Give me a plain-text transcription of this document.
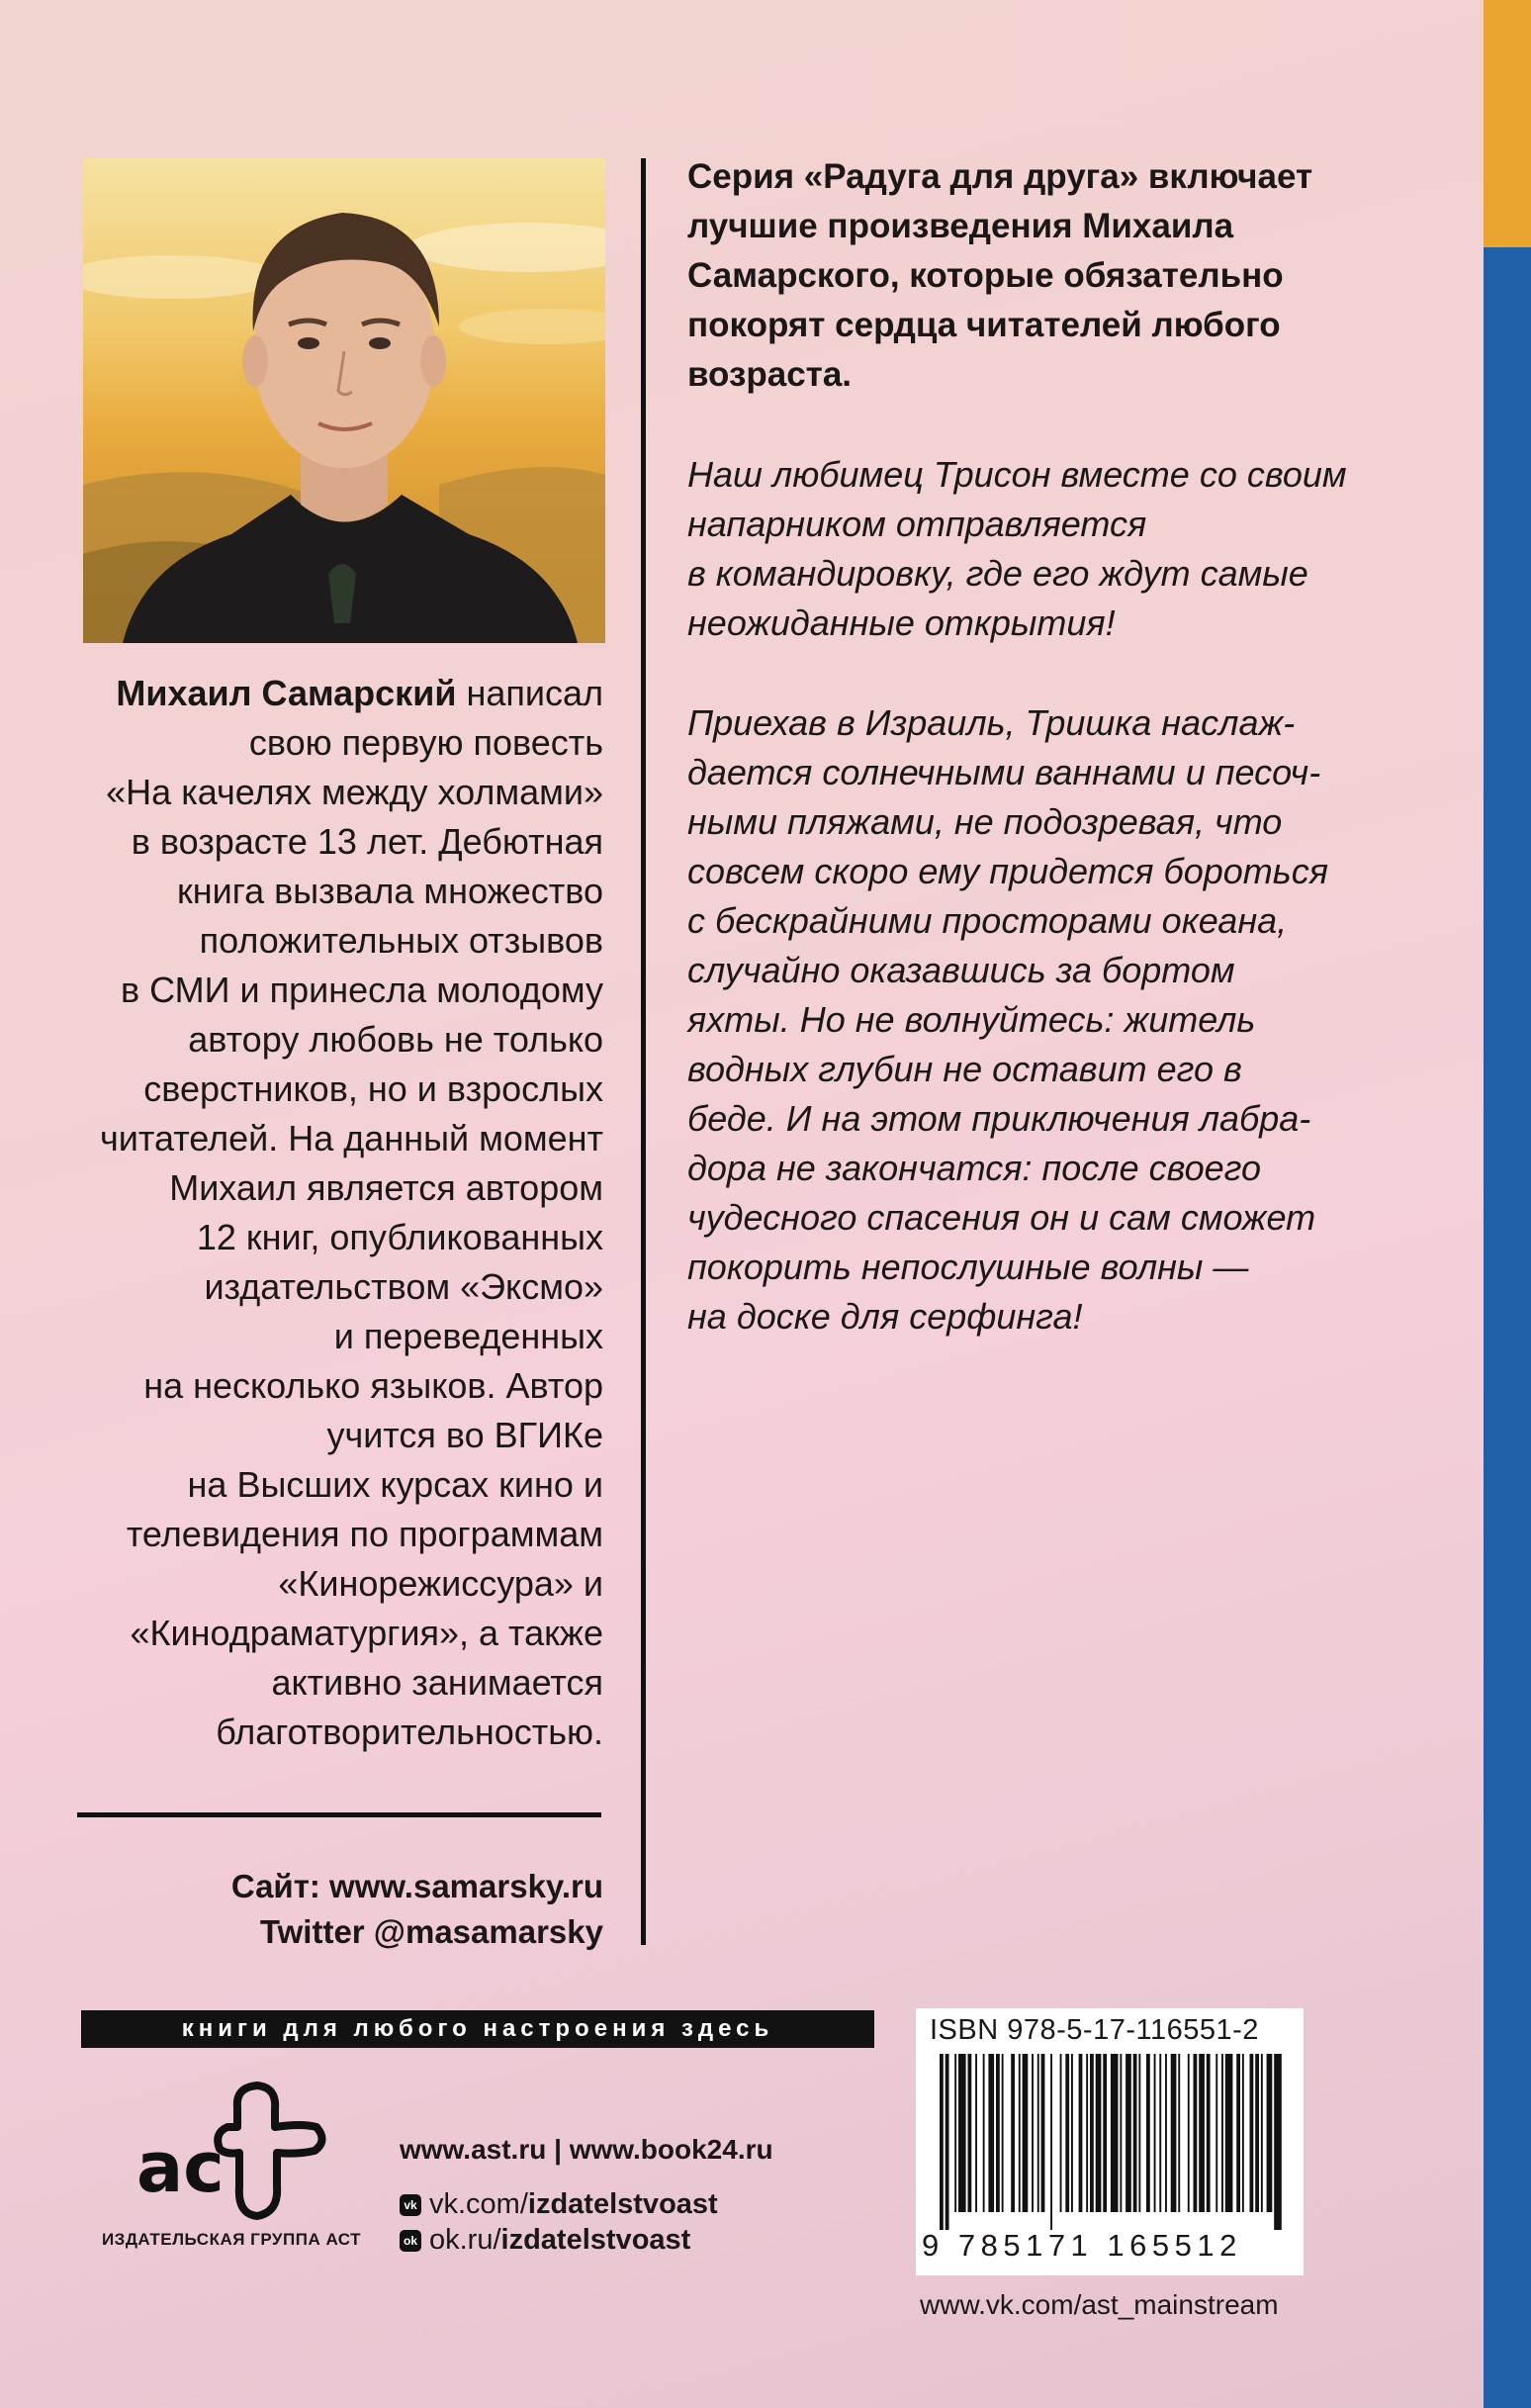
Михаил Самарский написал
свою первую повесть
«На качелях между холмами»
в возрасте 13 лет. Дебютная
книга вызвала множество
положительных отзывов
в СМИ и принесла молодому
автору любовь не только
сверстников, но и взрослых
читателей. На данный момент
Михаил является автором
12 книг, опубликованных
издательством «Эксмо»
и переведенных
на несколько языков. Автор
учится во ВГИКе
на Высших курсах кино и
телевидения по программам
«Кинорежиссура» и
«Кинодраматургия», а также
активно занимается
благотворительностью.
Сайт: www.samarsky.ru
Twitter @masamarsky
Серия «Радуга для друга» включает
лучшие произведения Михаила
Самарского, которые обязательно
покорят сердца читателей любого
возраста.
Наш любимец Трисон вместе со своим
напарником отправляется
в командировку, где его ждут самые
неожиданные открытия!
Приехав в Израиль, Тришка наслаж-
дается солнечными ваннами и песоч-
ными пляжами, не подозревая, что
совсем скоро ему придется бороться
с бескрайними просторами океана,
случайно оказавшись за бортом
яхты. Но не волнуйтесь: житель
водных глубин не оставит его в
беде. И на этом приключения лабра-
дора не закончатся: после своего
чудесного спасения он и сам сможет
покорить непослушные волны —
на доске для серфинга!
книги для любого настроения здесь
ас
ИЗДАТЕЛЬСКАЯ ГРУППА АСТ
www.ast.ru | www.book24.ru
vk vk.com/ izdatelstvoast
ok ok.ru/ izdatelstvoast
ISBN 978-5-17-116551-2
9 785171 165512
www.vk.com/ast_mainstream
